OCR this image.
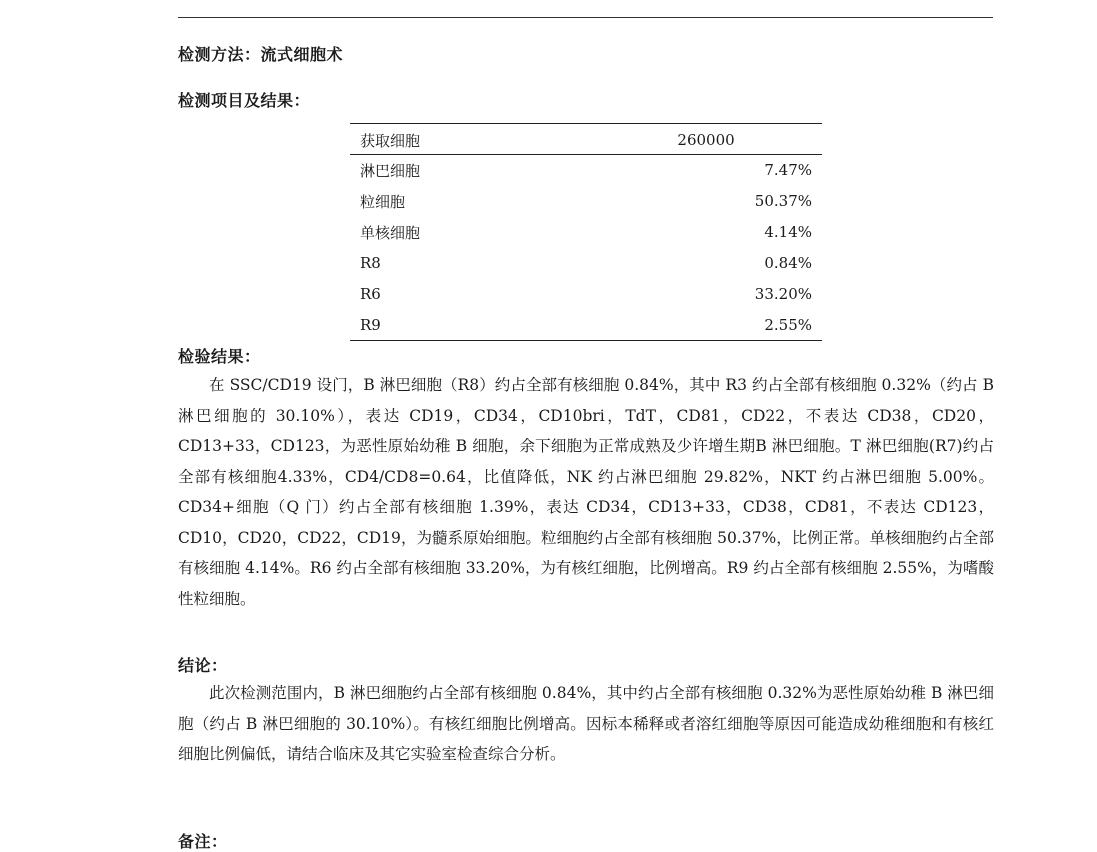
检测方法：流式细胞术
检测项目及结果：
获取细胞	260000
淋巴细胞	7.47%
粒细胞	50.37%
单核细胞	4.14%
R8	0.84%
R6	33.20%
R9	2.55%
检验结果：

在 SSC/CD19 设门，B 淋巴细胞（R8）约占全部有核细胞 0.84%，其中 R3 约占全部有核细胞 0.32%（约占 B 淋巴细胞的 30.10%），表达 CD19，CD34，CD10bri，TdT，CD81，CD22，不表达 CD38，CD20，CD13+33，CD123，为恶性原始幼稚 B 细胞，余下细胞为正常成熟及少许增生期B 淋巴细胞。T 淋巴细胞(R7)约占全部有核细胞4.33%，CD4/CD8=0.64，比值降低，NK 约占淋巴细胞 29.82%，NKT 约占淋巴细胞 5.00%。CD34+细胞（Q 门）约占全部有核细胞 1.39%，表达 CD34，CD13+33，CD38，CD81，不表达 CD123，CD10，CD20，CD22，CD19，为髓系原始细胞。粒细胞约占全部有核细胞 50.37%，比例正常。单核细胞约占全部有核细胞 4.14%。R6 约占全部有核细胞 33.20%，为有核红细胞，比例增高。R9 约占全部有核细胞 2.55%，为嗜酸性粒细胞。

结论：

此次检测范围内，B 淋巴细胞约占全部有核细胞 0.84%，其中约占全部有核细胞 0.32%为恶性原始幼稚 B 淋巴细胞（约占 B 淋巴细胞的 30.10%）。有核红细胞比例增高。因标本稀释或者溶红细胞等原因可能造成幼稚细胞和有核红细胞比例偏低，请结合临床及其它实验室检查综合分析。

备注：
